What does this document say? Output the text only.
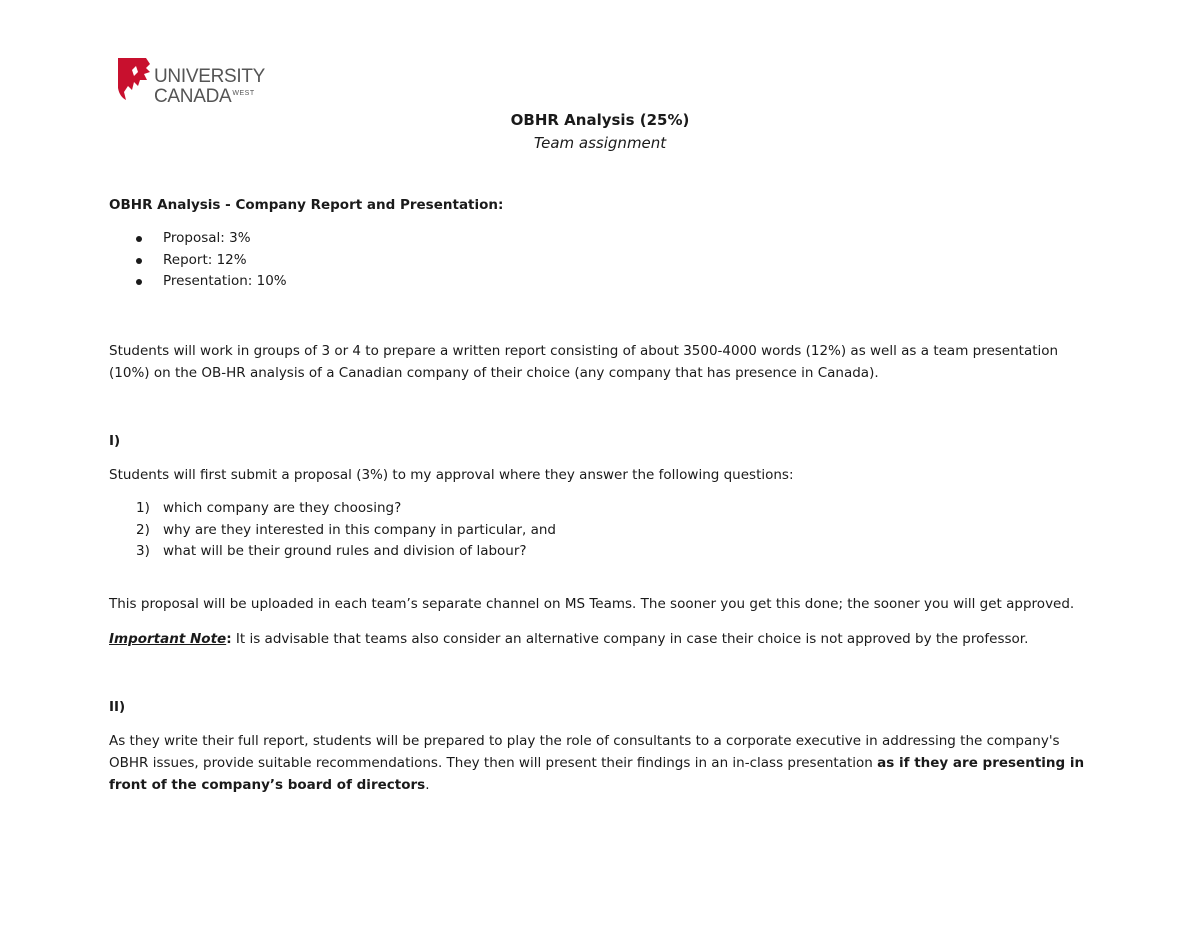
UNIVERSITY
$CANADA^{WEST}$
OBHR Analysis (25%)
Team assignment
OBHR Analysis - Company Report and Presentation:
Proposal: 3%
Report: 12%
Presentation: 10%
Students will work in groups of 3 or 4 to prepare a written report consisting of about 3500-4000 words (12%) as well as a team presentation
(10%) on the OB-HR analysis of a Canadian company of their choice (any company that has presence in Canada).
I)
Students will first submit a proposal (3%) to my approval where they answer the following questions:
1) which company are they choosing?
2) why are they interested in this company in particular, and
3) what will be their ground rules and division of labour?
This proposal will be uploaded in each team’s separate channel on MS Teams. The sooner you get this done; the sooner you will get approved.
Important Note: It is advisable that teams also consider an alternative company in case their choice is not approved by the professor.
II)
As they write their full report, students will be prepared to play the role of consultants to a corporate executive in addressing the company's
OBHR issues, provide suitable recommendations. They then will present their findings in an in-class presentation as if they are presenting in
front of the company’s board of directors.
